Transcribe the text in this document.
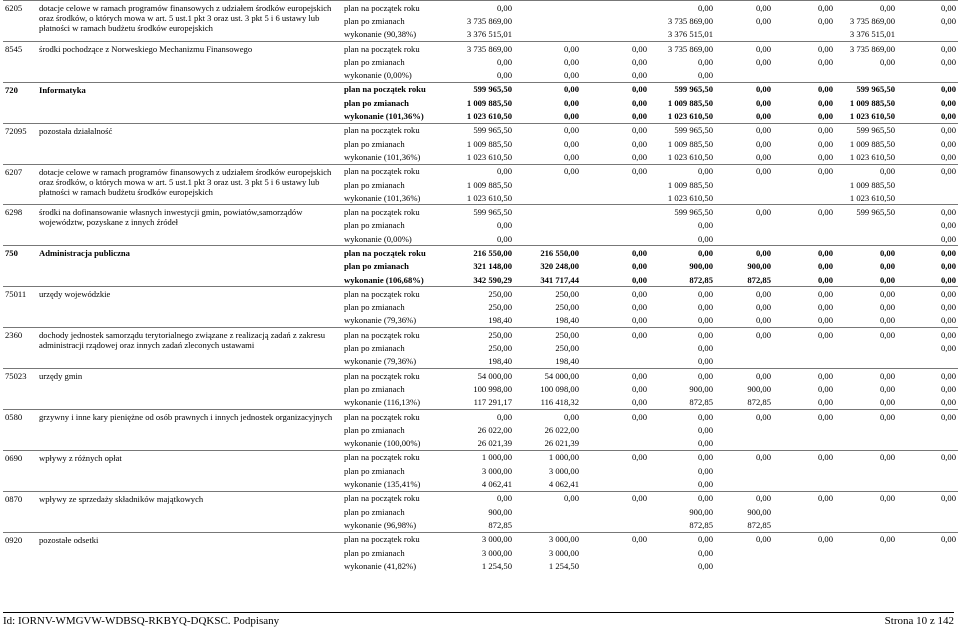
6205	dotacje celowe w ramach programów finansowych z udziałem środków europejskich oraz środków, o których mowa w art. 5 ust.1 pkt 3 oraz ust. 3 pkt 5 i 6 ustawy lub płatności w ramach budżetu środków europejskich	plan na początek roku	0,00			0,00	0,00	0,00	0,00	0,00
		plan po zmianach	3 735 869,00			3 735 869,00	0,00	0,00	3 735 869,00	0,00
		wykonanie (90,38%)	3 376 515,01			3 376 515,01			3 376 515,01	
8545	środki pochodzące z Norweskiego Mechanizmu Finansowego	plan na początek roku	3 735 869,00	0,00	0,00	3 735 869,00	0,00	0,00	3 735 869,00	0,00
		plan po zmianach	0,00	0,00	0,00	0,00	0,00	0,00	0,00	0,00
		wykonanie (0,00%)	0,00	0,00	0,00	0,00				
720	Informatyka	plan na początek roku	599 965,50	0,00	0,00	599 965,50	0,00	0,00	599 965,50	0,00
		plan po zmianach	1 009 885,50	0,00	0,00	1 009 885,50	0,00	0,00	1 009 885,50	0,00
		wykonanie (101,36%)	1 023 610,50	0,00	0,00	1 023 610,50	0,00	0,00	1 023 610,50	0,00
72095	pozostała działalność	plan na początek roku	599 965,50	0,00	0,00	599 965,50	0,00	0,00	599 965,50	0,00
		plan po zmianach	1 009 885,50	0,00	0,00	1 009 885,50	0,00	0,00	1 009 885,50	0,00
		wykonanie (101,36%)	1 023 610,50	0,00	0,00	1 023 610,50	0,00	0,00	1 023 610,50	0,00
6207	dotacje celowe w ramach programów finansowych z udziałem środków europejskich oraz środków, o których mowa w art. 5 ust.1 pkt 3 oraz ust. 3 pkt 5 i 6 ustawy lub płatności w ramach budżetu środków europejskich	plan na początek roku	0,00	0,00	0,00	0,00	0,00	0,00	0,00	0,00
		plan po zmianach	1 009 885,50			1 009 885,50			1 009 885,50	
		wykonanie (101,36%)	1 023 610,50			1 023 610,50			1 023 610,50	
6298	środki na dofinansowanie własnych inwestycji gmin, powiatów,samorządów województw, pozyskane z innych źródeł	plan na początek roku	599 965,50			599 965,50	0,00	0,00	599 965,50	0,00
		plan po zmianach	0,00			0,00				0,00
		wykonanie (0,00%)	0,00			0,00				0,00
750	Administracja publiczna	plan na początek roku	216 550,00	216 550,00	0,00	0,00	0,00	0,00	0,00	0,00
		plan po zmianach	321 148,00	320 248,00	0,00	900,00	900,00	0,00	0,00	0,00
		wykonanie (106,68%)	342 590,29	341 717,44	0,00	872,85	872,85	0,00	0,00	0,00
75011	urzędy wojewódzkie	plan na początek roku	250,00	250,00	0,00	0,00	0,00	0,00	0,00	0,00
		plan po zmianach	250,00	250,00	0,00	0,00	0,00	0,00	0,00	0,00
		wykonanie (79,36%)	198,40	198,40	0,00	0,00	0,00	0,00	0,00	0,00
2360	dochody jednostek samorządu terytorialnego związane z realizacją zadań z zakresu administracji rządowej oraz innych zadań zleconych ustawami	plan na początek roku	250,00	250,00	0,00	0,00	0,00	0,00	0,00	0,00
		plan po zmianach	250,00	250,00		0,00				0,00
		wykonanie (79,36%)	198,40	198,40		0,00				
75023	urzędy gmin	plan na początek roku	54 000,00	54 000,00	0,00	0,00	0,00	0,00	0,00	0,00
		plan po zmianach	100 998,00	100 098,00	0,00	900,00	900,00	0,00	0,00	0,00
		wykonanie (116,13%)	117 291,17	116 418,32	0,00	872,85	872,85	0,00	0,00	0,00
0580	grzywny i inne kary pieniężne od osób prawnych i innych jednostek organizacyjnych	plan na początek roku	0,00	0,00	0,00	0,00	0,00	0,00	0,00	0,00
		plan po zmianach	26 022,00	26 022,00		0,00				
		wykonanie (100,00%)	26 021,39	26 021,39		0,00				
0690	wpływy z różnych opłat	plan na początek roku	1 000,00	1 000,00	0,00	0,00	0,00	0,00	0,00	0,00
		plan po zmianach	3 000,00	3 000,00		0,00				
		wykonanie (135,41%)	4 062,41	4 062,41		0,00				
0870	wpływy ze sprzedaży składników majątkowych	plan na początek roku	0,00	0,00	0,00	0,00	0,00	0,00	0,00	0,00
		plan po zmianach	900,00			900,00	900,00			
		wykonanie (96,98%)	872,85			872,85	872,85			
0920	pozostałe odsetki	plan na początek roku	3 000,00	3 000,00	0,00	0,00	0,00	0,00	0,00	0,00
		plan po zmianach	3 000,00	3 000,00		0,00				
		wykonanie (41,82%)	1 254,50	1 254,50		0,00				
Id: IORNV-WMGVW-WDBSQ-RKBYQ-DQKSC. Podpisany	Strona 10 z 142
